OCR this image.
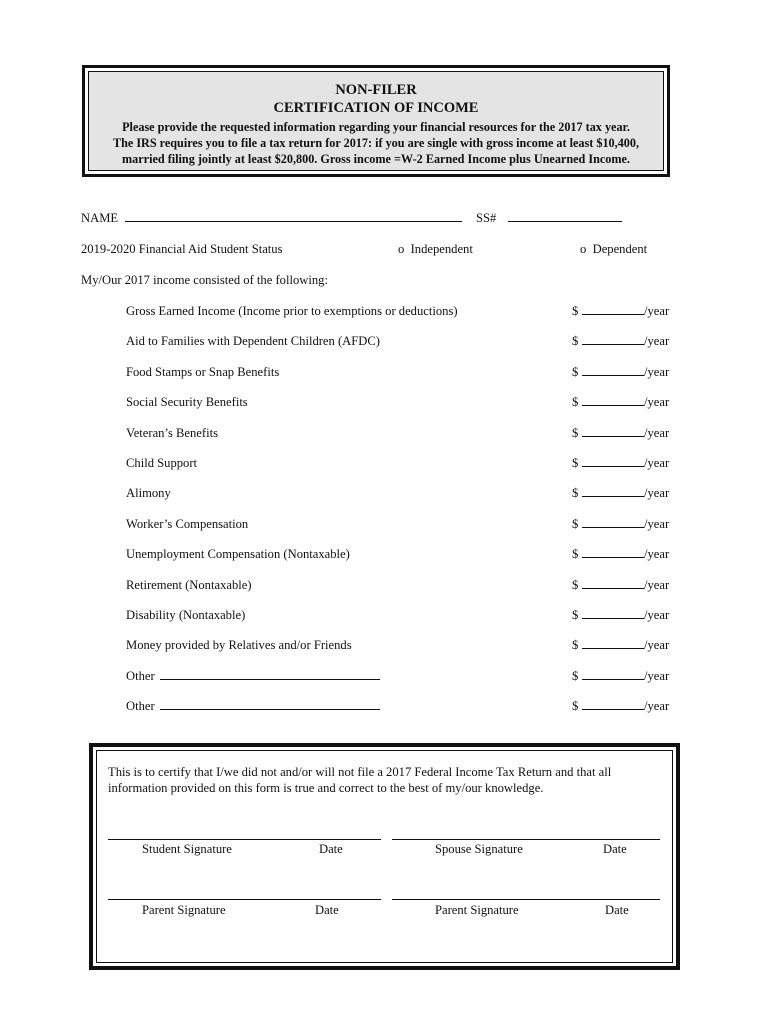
NON-FILER
CERTIFICATION OF INCOME
Please provide the requested information regarding your financial resources for the 2017 tax year.
The IRS requires you to file a tax return for 2017: if you are single with gross income at least $10,400,
married filing jointly at least $20,800. Gross income =W-2 Earned Income plus Unearned Income.
NAME	SS#
2019-2020 Financial Aid Student Status	o Independent	o Dependent
My/Our 2017 income consisted of the following:
Gross Earned Income (Income prior to exemptions or deductions)	$	/year
Aid to Families with Dependent Children (AFDC)	$	/year
Food Stamps or Snap Benefits	$	/year
Social Security Benefits	$	/year
Veteran’s Benefits	$	/year
Child Support	$	/year
Alimony	$	/year
Worker’s Compensation	$	/year
Unemployment Compensation (Nontaxable)	$	/year
Retirement (Nontaxable)	$	/year
Disability (Nontaxable)	$	/year
Money provided by Relatives and/or Friends	$	/year
Other	$	/year
Other	$	/year
This is to certify that I/we did not and/or will not file a 2017 Federal Income Tax Return and that all
information provided on this form is true and correct to the best of my/our knowledge.
Student Signature	Date	Spouse Signature	Date
Parent Signature	Date	Parent Signature	Date
